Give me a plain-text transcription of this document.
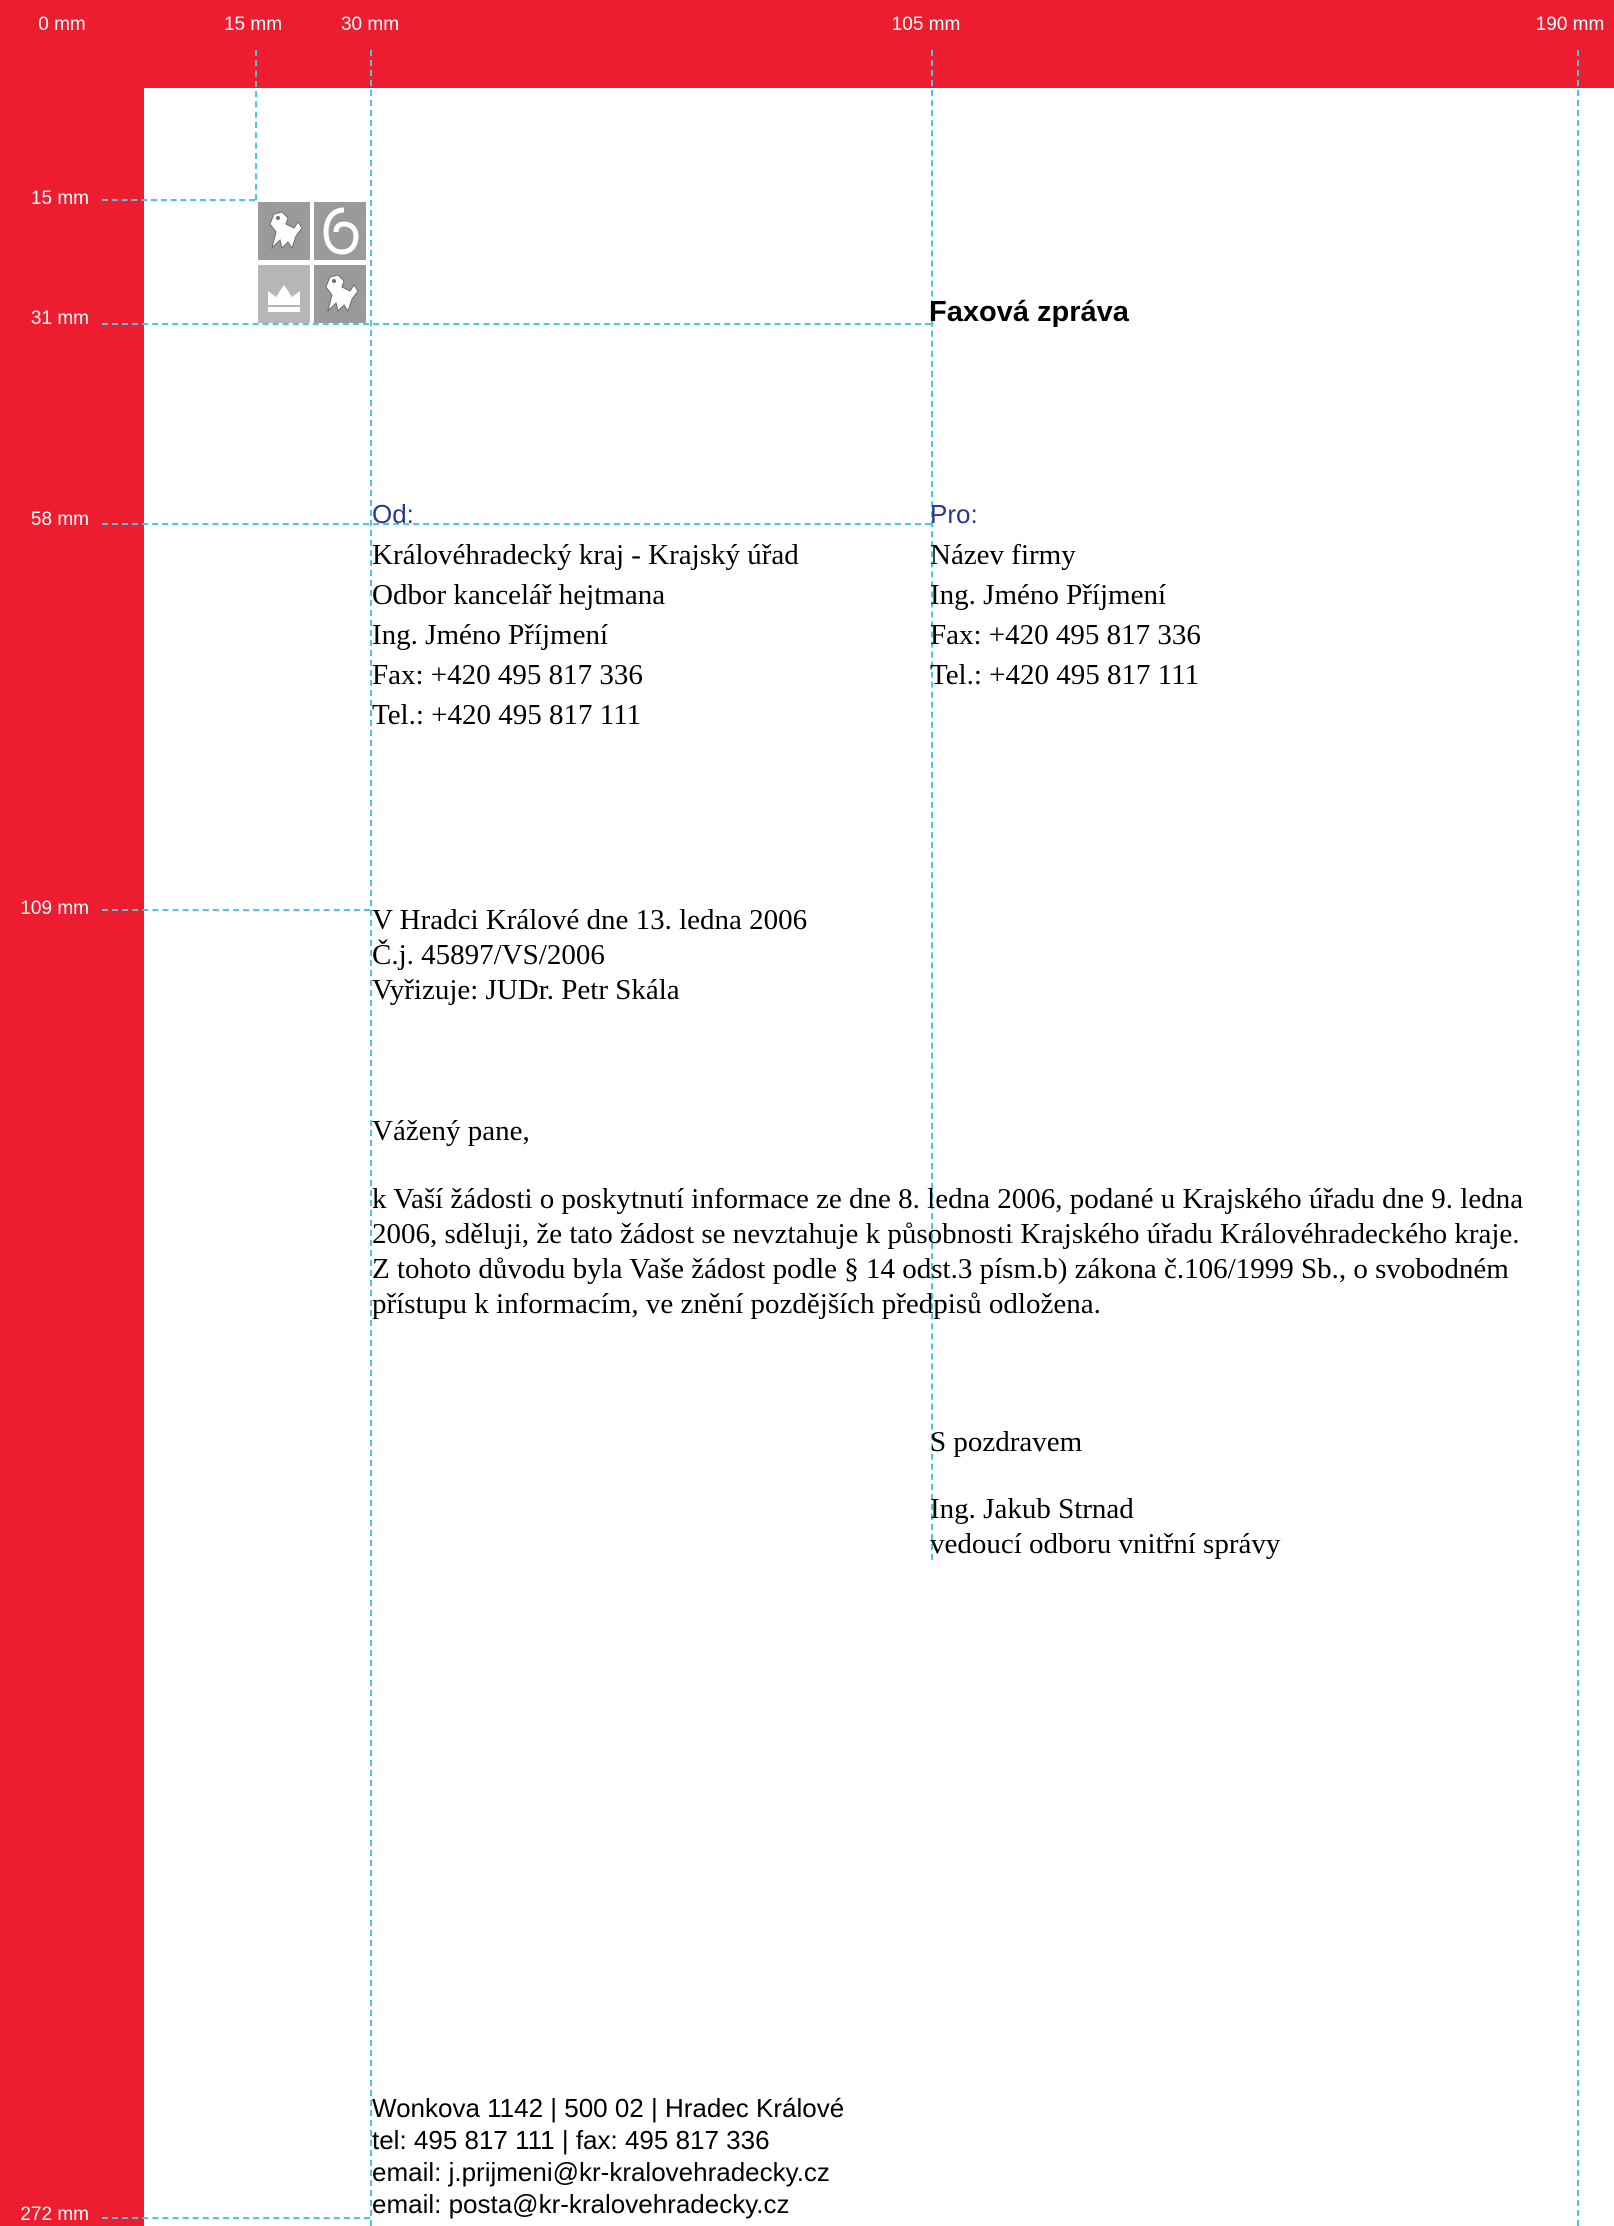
0 mm	15 mm	30 mm	105 mm	190 mm
15 mm
31 mm
58 mm
109 mm
272 mm
Faxová zpráva
Od:
Královéhradecký kraj - Krajský úřad
Odbor kancelář hejtmana
Ing. Jméno Příjmení
Fax: +420 495 817 336
Tel.: +420 495 817 111
Pro:
Název firmy
Ing. Jméno Příjmení
Fax: +420 495 817 336
Tel.: +420 495 817 111
V Hradci Králové dne 13. ledna 2006
Č.j. 45897/VS/2006
Vyřizuje: JUDr. Petr Skála
Vážený pane,
k Vaší žádosti o poskytnutí informace ze dne 8. ledna 2006, podané u Krajského úřadu dne 9. ledna
2006, sděluji, že tato žádost se nevztahuje k působnosti Krajského úřadu Královéhradeckého kraje.
Z tohoto důvodu byla Vaše žádost podle § 14 odst.3 písm.b) zákona č.106/1999 Sb., o svobodném
přístupu k informacím, ve znění pozdějších předpisů odložena.
S pozdravem
Ing. Jakub Strnad
vedoucí odboru vnitřní správy
Wonkova 1142 | 500 02 | Hradec Králové
tel: 495 817 111 | fax: 495 817 336
email: j.prijmeni@kr-kralovehradecky.cz
email: posta@kr-kralovehradecky.cz
